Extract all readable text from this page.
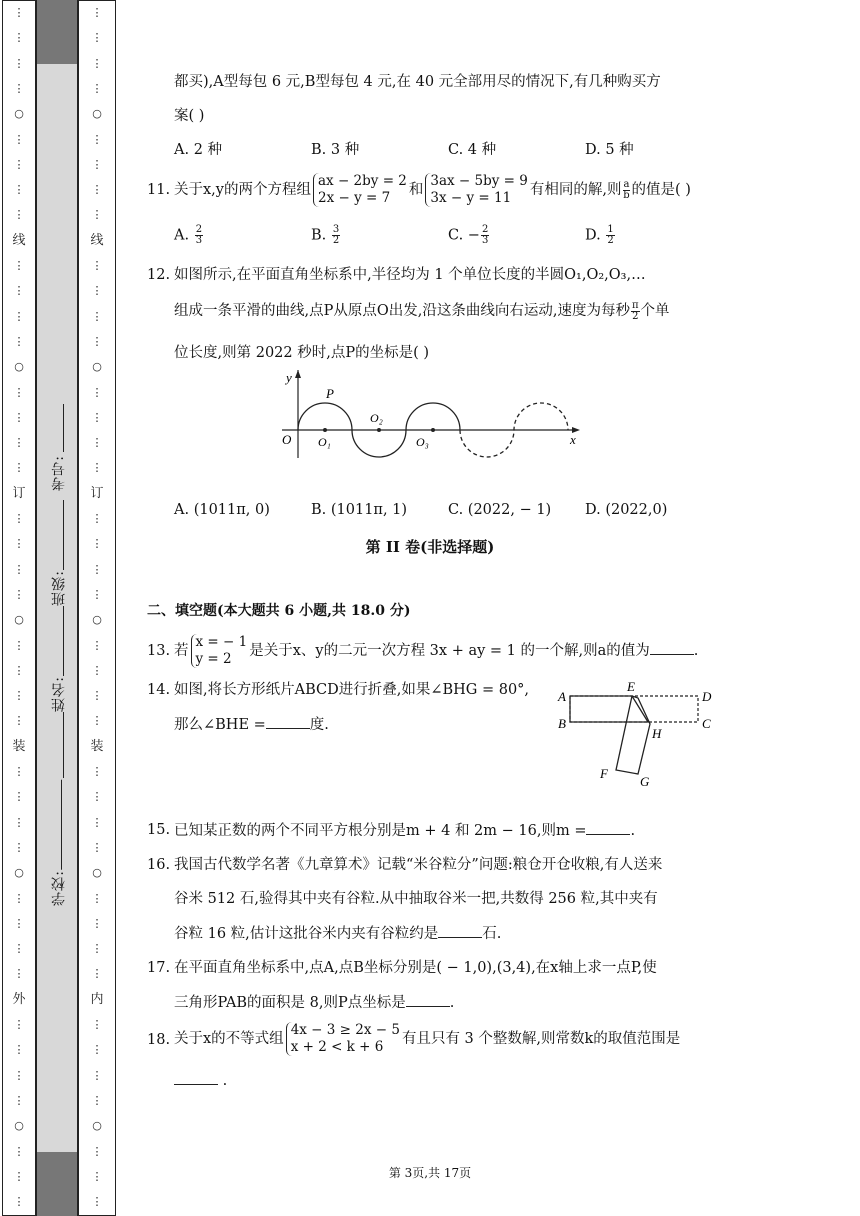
⋮
⋮
⋮
⋮
○
⋮
⋮
⋮
⋮
线
⋮
⋮
⋮
⋮
○
⋮
⋮
⋮
⋮
订
⋮
⋮
⋮
⋮
○
⋮
⋮
⋮
⋮
装
⋮
⋮
⋮
⋮
○
⋮
⋮
⋮
⋮
外
⋮
⋮
⋮
⋮
○
⋮
⋮
⋮
⋮
⋮
⋮
⋮
○
⋮
⋮
⋮
⋮
线
⋮
⋮
⋮
⋮
○
⋮
⋮
⋮
⋮
订
⋮
⋮
⋮
⋮
○
⋮
⋮
⋮
⋮
装
⋮
⋮
⋮
⋮
○
⋮
⋮
⋮
⋮
内
⋮
⋮
⋮
⋮
○
⋮
⋮
⋮
学校:
姓名:
班级:
考号:
都买),A型每包 6 元,B型每包 4 元,在 40 元全部用尽的情况下,有几种购买方
案( )
A. 2 种	B. 3 种	C. 4 种	D. 5 种
11. 关于x,y的两个方程组
ax − 2by = 2
2x − y = 7	和
3ax − 5by = 9
3x − y = 11	有相同的解,则 $\frac{a}{b}$ 的值是( )
A. $\frac{2}{3}$	B. $\frac{3}{2}$	C. − $\frac{2}{3}$	D. $\frac{1}{2}$
12. 如图所示,在平面直角坐标系中,半径均为 1 个单位长度的半圆O₁,O₂,O₃,…
组成一条平滑的曲线,点P从原点O出发,沿这条曲线向右运动,速度为每秒 $\frac{\pi}{2}$ 个单
位长度,则第 2022 秒时,点P的坐标是( )
y
x
P
O O₁
O₂
O₃
A. (1011π, 0)	B. (1011π, 1)	C. (2022, − 1) D. (2022,0)
第 II 卷(非选择题)
二、填空题(本大题共 6 小题,共 18.0 分)
13. 若
x = − 1
y = 2	是关于x、y的二元一次方程 3x + ay = 1 的一个解,则a的值为	.
14. 如图,将长方形纸片ABCD进行折叠,如果∠BHG = 80°,
那么∠BHE =	度.
A
B	C
D
E
F
G
H
15. 已知某正数的两个不同平方根分别是m + 4 和 2m − 16,则m =	.
16. 我国古代数学名著《九章算术》记载“米谷粒分”问题:粮仓开仓收粮,有人送来
谷米 512 石,验得其中夹有谷粒.从中抽取谷米一把,共数得 256 粒,其中夹有
谷粒 16 粒,估计这批谷米内夹有谷粒约是	石.
17. 在平面直角坐标系中,点A,点B坐标分别是( − 1,0),(3,4),在x轴上求一点P,使
三角形PAB的面积是 8,则P点坐标是	.
18. 关于x的不等式组
4x − 3 ≥ 2x − 5
x + 2 < k + 6	有且只有 3 个整数解,则常数k的取值范围是
.
第 3页,共 17页
